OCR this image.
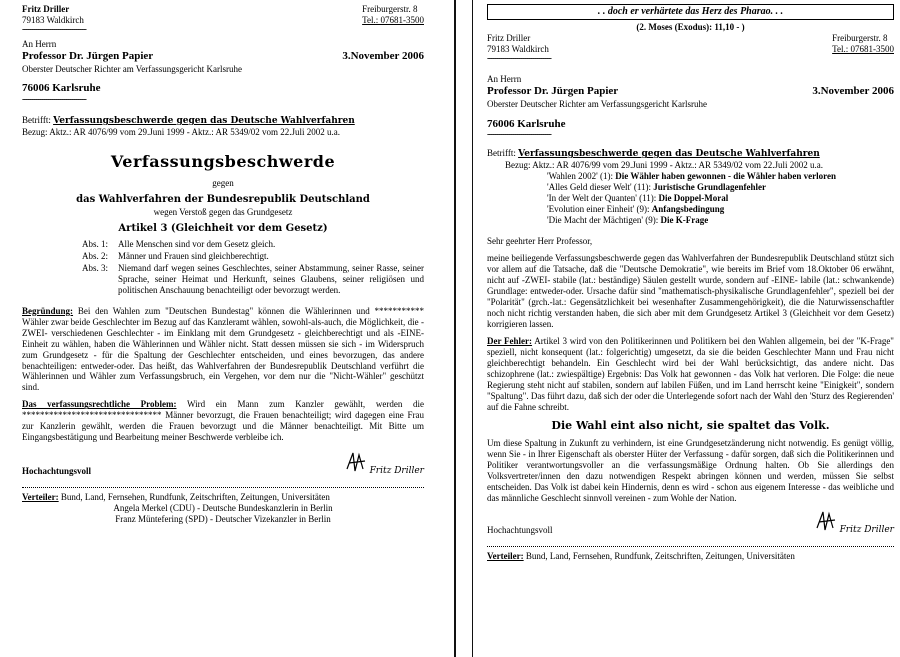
Fritz Driller
79183 Waldkirch
--------------------------------
Freiburgerstr. 8
Tel.: 07681-3500
An Herrn
Professor Dr. Jürgen Papier	3.November 2006
Oberster Deutscher Richter am Verfassungsgericht Karlsruhe
76006 Karlsruhe
--------------------------------
Betrifft: Verfassungsbeschwerde gegen das Deutsche Wahlverfahren
Bezug: Aktz.: AR 4076/99 vom 29.Juni 1999 - Aktz.: AR 5349/02 vom 22.Juli 2002 u.a.
Verfassungsbeschwerde
gegen
das Wahlverfahren der Bundesrepublik Deutschland
wegen Verstoß gegen das Grundgesetz
Artikel 3 (Gleichheit vor dem Gesetz)
Abs. 1:	Alle Menschen sind vor dem Gesetz gleich.
Abs. 2:	Männer und Frauen sind gleichberechtigt.
Abs. 3:	Niemand darf wegen seines Geschlechtes, seiner Abstammung, seiner Rasse, seiner Sprache, seiner Heimat und Herkunft, seines Glaubens, seiner religiösen und politischen Anschauung benachteiligt oder bevorzugt werden.
Begründung: Bei den Wahlen zum "Deutschen Bundestag" können die Wählerinnen und *********** Wähler zwar beide Geschlechter im Bezug auf das Kanzleramt wählen, sowohl-als-auch, die Möglichkeit, die -ZWEI- verschiedenen Geschlechter - im Einklang mit dem Grundgesetz - gleichberechtigt und als -EINE- Einheit zu wählen, haben die Wählerinnen und Wähler nicht. Statt dessen müssen sie sich - im Widerspruch zum Grundgesetz - für die Spaltung der Geschlechter entscheiden, und eines bevorzugen, das andere benachteiligen: entweder-oder. Das heißt, das Wahlverfahren der Bundesrepublik Deutschland verführt die Wählerinnen und Wähler zum Verfassungsbruch, ein Vergehen, vor dem nur die "Nicht-Wähler" geschützt sind.
Das verfassungsrechtliche Problem: Wird ein Mann zum Kanzler gewählt, werden die ******************************* Männer bevorzugt, die Frauen benachteiligt; wird dagegen eine Frau zur Kanzlerin gewählt, werden die Frauen bevorzugt und die Männer benachteiligt. Mit Bitte um Eingangsbestätigung und Bearbeitung meiner Beschwerde verbleibe ich.
Hochachtungsvoll	Fritz Driller
Verteiler: Bund, Land, Fernsehen, Rundfunk, Zeitschriften, Zeitungen, Universitäten
Angela Merkel (CDU) - Deutsche Bundeskanzlerin in Berlin
Franz Müntefering (SPD) - Deutscher Vizekanzler in Berlin
. . doch er verhärtete das Herz des Pharao. . .
(2. Moses (Exodus): 11,10 - )
Fritz Driller
79183 Waldkirch
--------------------------------
Freiburgerstr. 8
Tel.: 07681-3500
An Herrn
Professor Dr. Jürgen Papier	3.November 2006
Oberster Deutscher Richter am Verfassungsgericht Karlsruhe
76006 Karlsruhe
--------------------------------
Betrifft: Verfassungsbeschwerde gegen das Deutsche Wahlverfahren
Bezug: Aktz.: AR 4076/99 vom 29.Juni 1999 - Aktz.: AR 5349/02 vom 22.Juli 2002 u.a.
'Wahlen 2002' (1): Die Wähler haben gewonnen - die Wähler haben verloren
'Alles Geld dieser Welt' (11): Juristische Grundlagenfehler
'In der Welt der Quanten' (11): Die Doppel-Moral
'Evolution einer Einheit' (9): Anfangsbedingung
'Die Macht der Mächtigen' (9): Die K-Frage
Sehr geehrter Herr Professor,
meine beiliegende Verfassungsbeschwerde gegen das Wahlverfahren der Bundesrepublik Deutschland stützt sich vor allem auf die Tatsache, daß die "Deutsche Demokratie", wie bereits im Brief vom 18.Oktober 06 erwähnt, nicht auf -ZWEI- stabile (lat.: beständige) Säulen gestellt wurde, sondern auf -EINE- labile (lat.: schwankende) Grundlage: entweder-oder. Ursache dafür sind "mathematisch-physikalische Grundlagenfehler", speziell bei der "Polarität" (grch.-lat.: Gegensätzlichkeit bei wesenhafter Zusammengehörigkeit), die die Naturwissenschaftler noch nicht richtig verstanden haben, die sich aber mit dem Grundgesetz Artikel 3 (Gleichheit vor dem Gesetz) korrigieren lassen.
Der Fehler: Artikel 3 wird von den Politikerinnen und Politikern bei den Wahlen allgemein, bei der "K-Frage" speziell, nicht konsequent (lat.: folgerichtig) umgesetzt, da sie die beiden Geschlechter Mann und Frau nicht gleichberechtigt behandeln. Ein Geschlecht wird bei der Wahl berücksichtigt, das andere nicht. Das schizophrene (lat.: zwiespältige) Ergebnis: Das Volk hat gewonnen - das Volk hat verloren. Die Folge: die neue Regierung steht nicht auf stabilen, sondern auf labilen Füßen, und im Land herrscht keine "Einigkeit", sondern "Spaltung". Das führt dazu, daß sich der oder die Unterlegende sofort nach der Wahl den 'Sturz des Regierenden' auf die Fahne schreibt.
Die Wahl eint also nicht, sie spaltet das Volk.
Um diese Spaltung in Zukunft zu verhindern, ist eine Grundgesetzänderung nicht notwendig. Es genügt völlig, wenn Sie - in Ihrer Eigenschaft als oberster Hüter der Verfassung - dafür sorgen, daß sich die Politikerinnen und Politiker verantwortungsvoller an die verfassungsmäßige Ordnung halten. Ob Sie allerdings den Volksvertreter/innen den dazu notwendigen Respekt abringen können und werden, müssen Sie selbst entscheiden. Das Volk ist dabei kein Hindernis, denn es wird - schon aus eigenem Interesse - das weibliche und das männliche Geschlecht sinnvoll vereinen - zum Wohle der Nation.
Hochachtungsvoll	Fritz Driller
Verteiler: Bund, Land, Fernsehen, Rundfunk, Zeitschriften, Zeitungen, Universitäten
